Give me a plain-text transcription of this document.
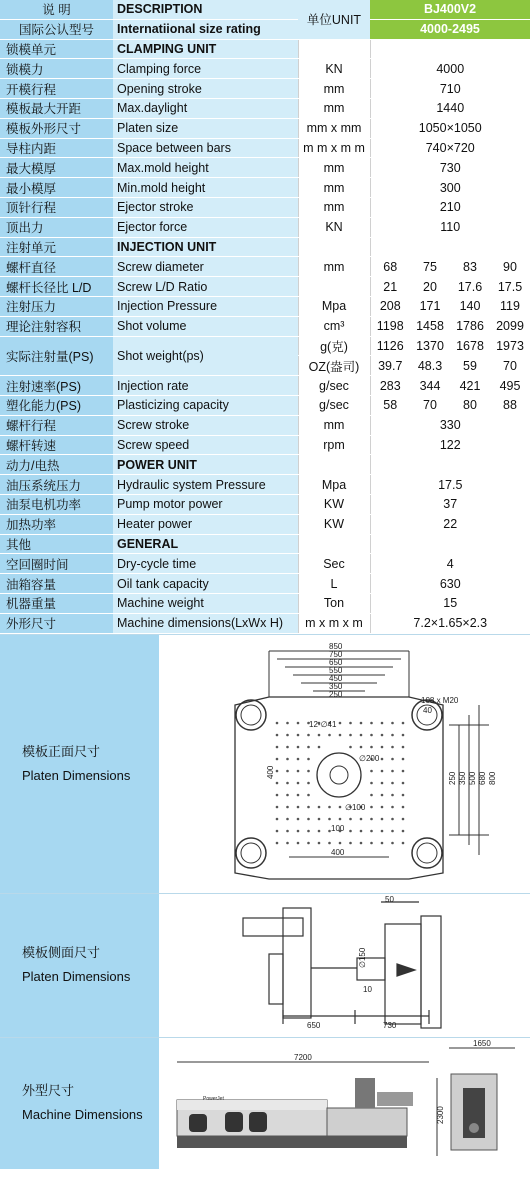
说 明	DESCRIPTION	单位UNIT	BJ400V2			
国际公认型号	Internatiional size rating		4000-2495			
锁模单元	CLAMPING UNIT					
锁模力	Clamping force	KN	4000			
开模行程	Opening stroke	mm	710			
模板最大开距	Max.daylight	mm	1440			
模板外形尺寸	Platen size	mm x mm	1050×1050			
导柱内距	Space between bars	m m x m m	740×720			
最大模厚	Max.mold height	mm	730			
最小模厚	Min.mold height	mm	300			
顶针行程	Ejector stroke	mm	210			
顶出力	Ejector force	KN	110			
注射单元	INJECTION UNIT					
螺杆直径	Screw diameter	mm	68	75	83	90
螺杆长径比 L/D	Screw L/D Ratio		21	20	17.6	17.5
注射压力	Injection Pressure	Mpa	208	171	140	119
理论注射容积	Shot volume	cm³	1198	1458	1786	2099
实际注射量(PS)	Shot weight(ps)	g(克)	1126	1370	1678	1973
		OZ(盎司)	39.7	48.3	59	70
注射速率(PS)	Injection rate	g/sec	283	344	421	495
塑化能力(PS)	Plasticizing capacity	g/sec	58	70	80	88
螺杆行程	Screw stroke	mm	330			
螺杆转速	Screw speed	rpm	122			
动力/电热	POWER UNIT					
油压系统压力	Hydraulic system Pressure	Mpa	17.5			
油泵电机功率	Pump motor power	KW	37			
加热功率	Heater power	KW	22			
其他	GENERAL					
空回圈时间	Dry-cycle time	Sec	4			
油箱容量	Oil tank capacity	L	630			
机器重量	Machine weight	Ton	15			
外形尺寸	Machine dimensions(LxWx H)	m x m x m	7.2×1.65×2.3			
模板正面尺寸
Platen Dimensions
850
750
650
550
450
350
250
108 x M20
40
12-∅41
∅200
∅100
100
400
400	250 350 500 680 800
模板侧面尺寸
Platen Dimensions
50
∅150
10
650	730
外型尺寸
Machine Dimensions
PowerJet
7200
1650
2300
